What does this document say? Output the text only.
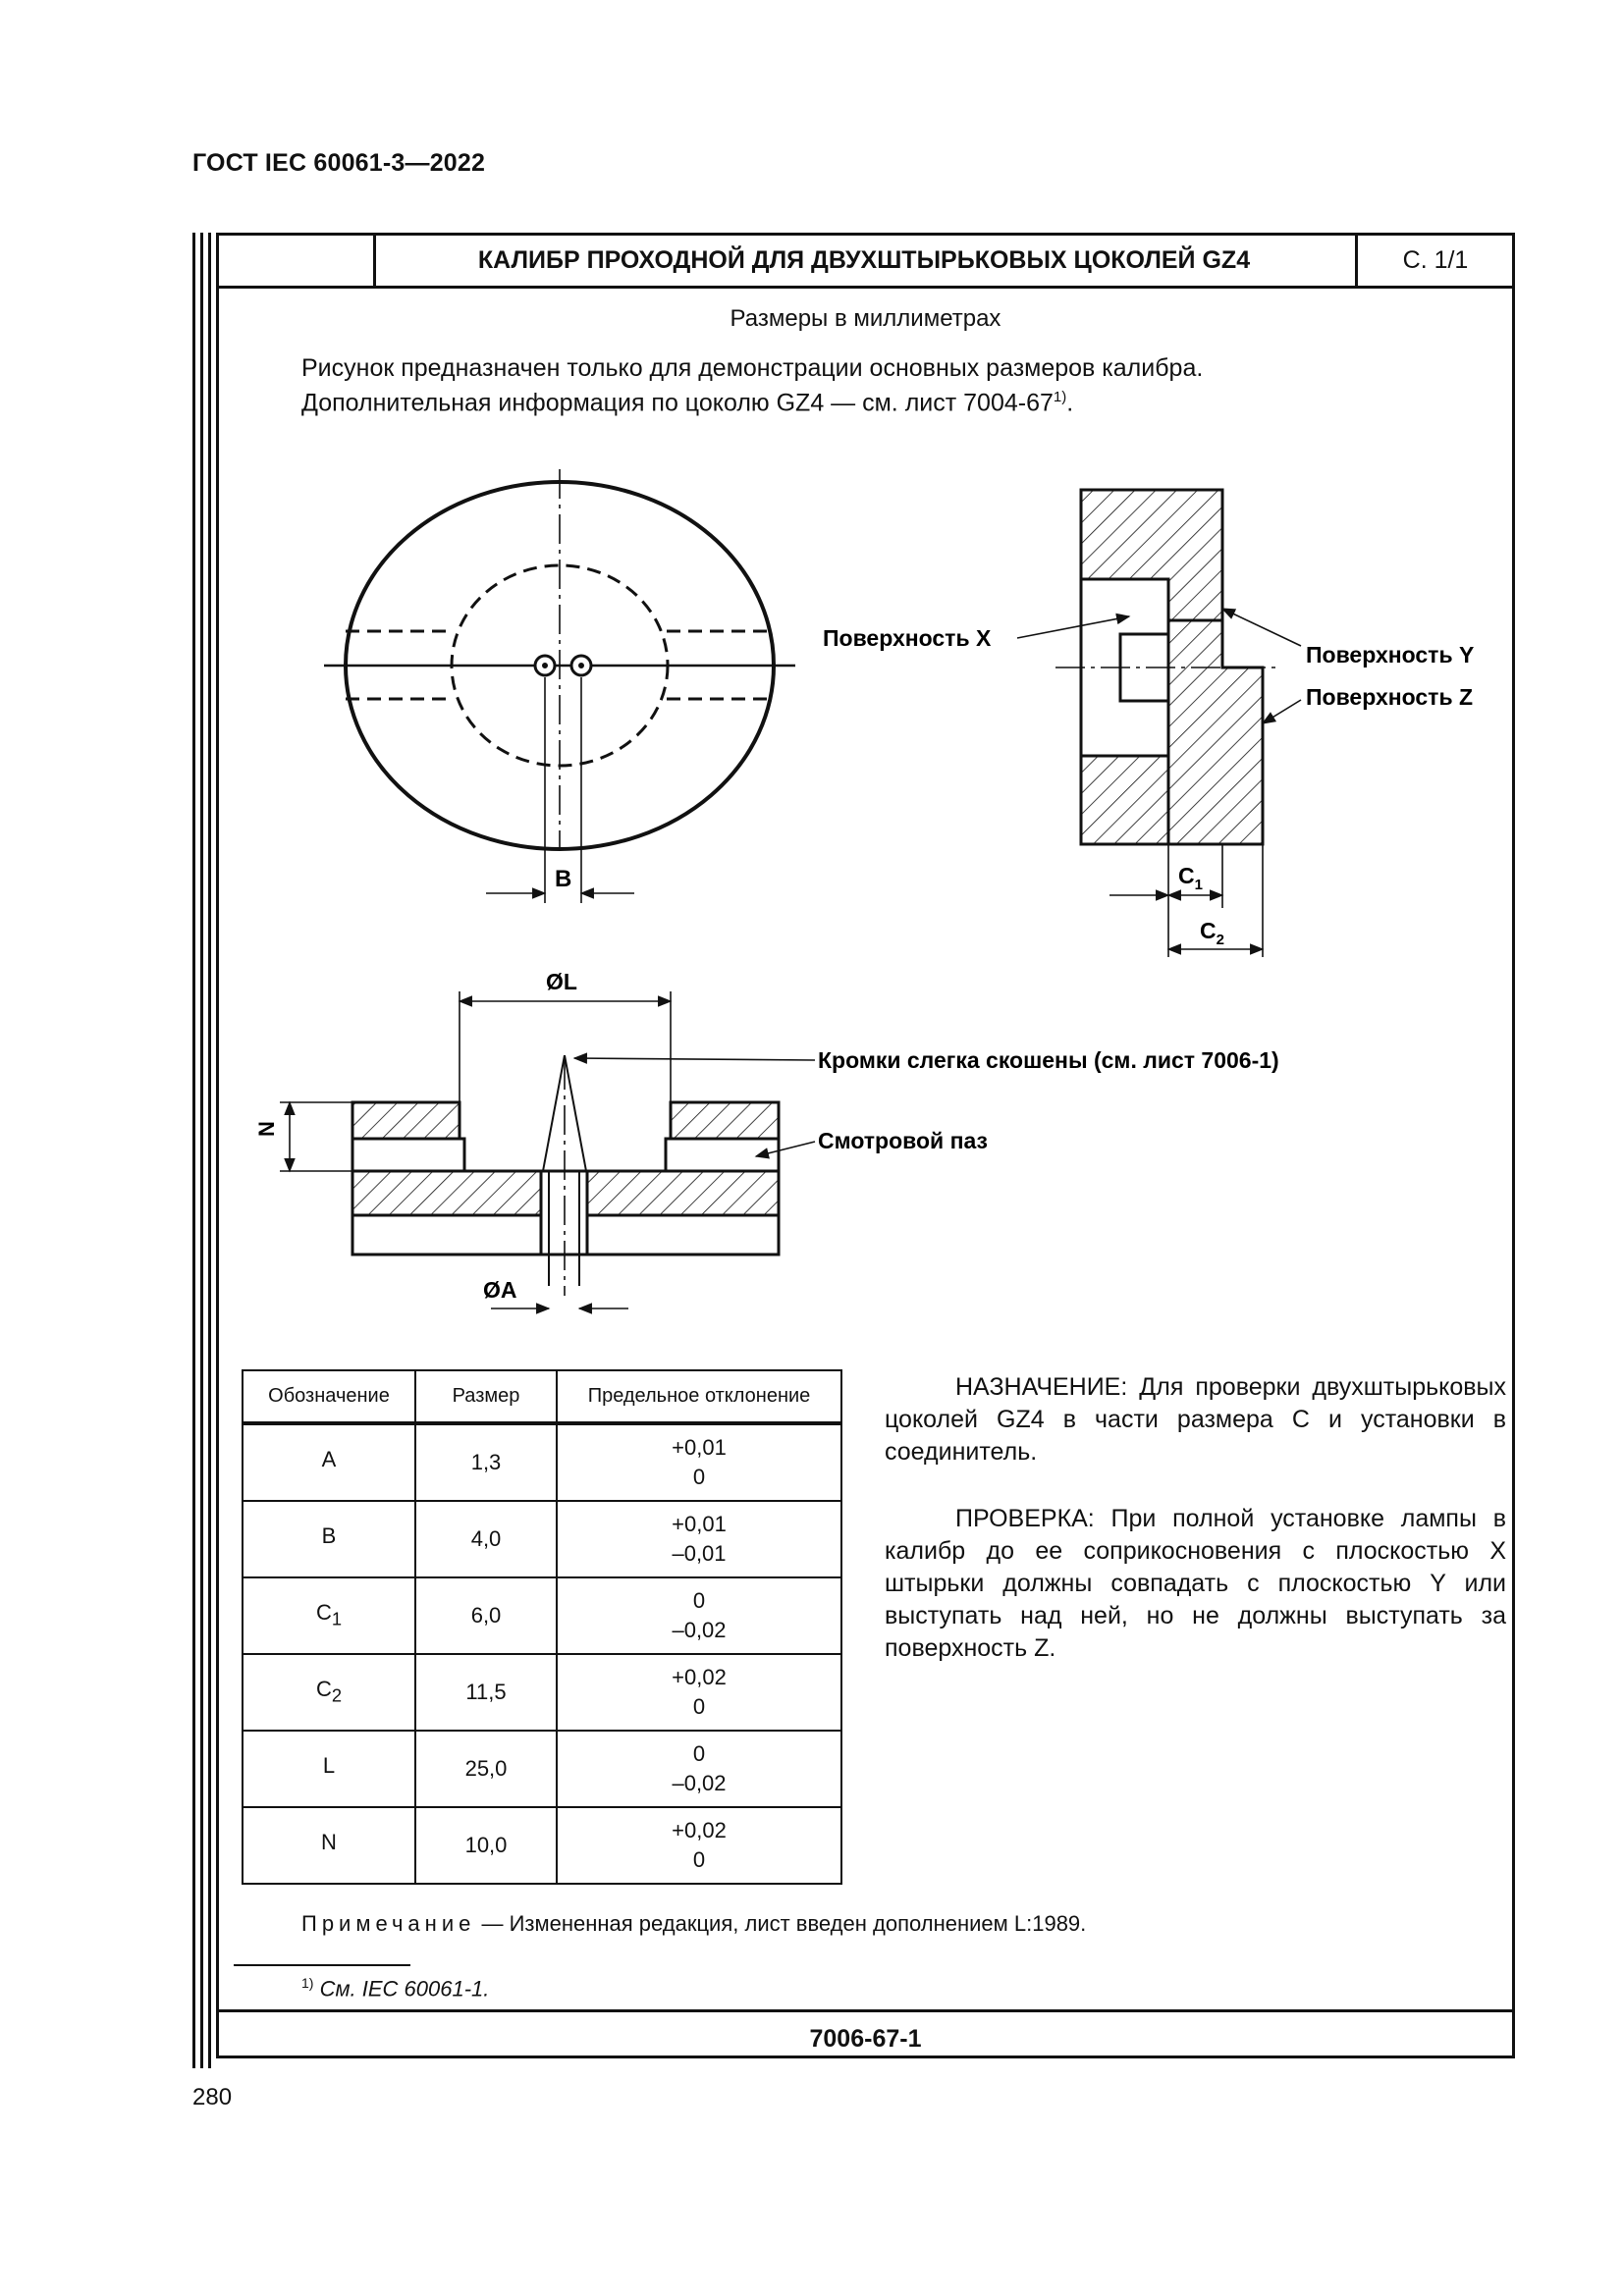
ГОСТ IEC 60061-3—2022
КАЛИБР ПРОХОДНОЙ ДЛЯ ДВУХШТЫРЬКОВЫХ ЦОКОЛЕЙ GZ4	С. 1/1
Размеры в миллиметрах
Рисунок предназначен только для демонстрации основных размеров калибра.
Дополнительная информация по цоколю GZ4 — см. лист 7004-67$^{1)}$.
B
Поверхность X
Поверхность Y
Поверхность Z
$C_1$
$C_2$
ØL
Кромки слегка скошены (см. лист 7006-1)
Смотровой паз
N
ØA
Обозначение	Размер	Предельное отклонение
A	1,3	+0,01
0

B	4,0	+0,01
–0,01

$C_1$	6,0	0
–0,02

$C_2$	11,5	+0,02
0

L	25,0	0
–0,02

N	10,0	+0,02
0
НАЗНАЧЕНИЕ: Для проверки двухштырьковых цоколей GZ4 в части размера C и установки в соединитель.
ПРОВЕРКА: При полной установке лампы в калибр до ее соприкосновения с плоскостью X штырьки должны совпадать с плоскостью Y или выступать над ней, но не должны выступать за поверхность Z.
Примечание — Измененная редакция, лист введен дополнением L:1989.
$^{1)}$ См. IEC 60061-1.
7006-67-1
280
